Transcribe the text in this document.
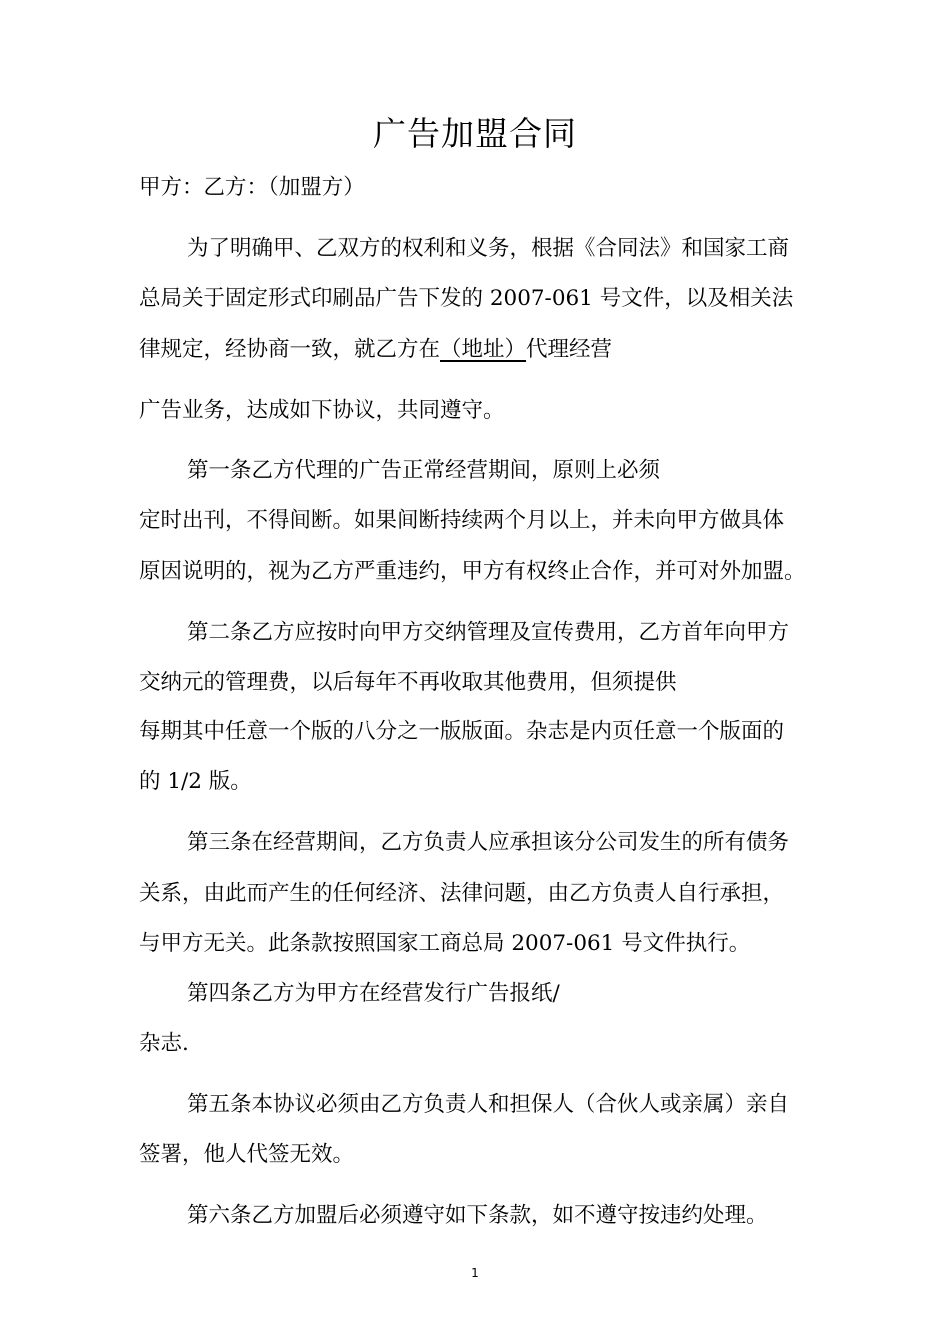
广告加盟合同
甲方：乙方：（加盟方）
为了明确甲、乙双方的权利和义务，根据《合同法》和国家工商
总局关于固定形式印刷品广告下发的 2007-061 号文件，以及相关法
律规定，经协商一致，就乙方在（地址）代理经营
广告业务，达成如下协议，共同遵守。
第一条乙方代理的广告正常经营期间，原则上必须
定时出刊，不得间断。如果间断持续两个月以上，并未向甲方做具体
原因说明的，视为乙方严重违约，甲方有权终止合作，并可对外加盟。
第二条乙方应按时向甲方交纳管理及宣传费用，乙方首年向甲方
交纳元的管理费，以后每年不再收取其他费用，但须提供
每期其中任意一个版的八分之一版版面。杂志是内页任意一个版面的
的 1/2 版。
第三条在经营期间，乙方负责人应承担该分公司发生的所有债务
关系，由此而产生的任何经济、法律问题，由乙方负责人自行承担，
与甲方无关。此条款按照国家工商总局 2007-061 号文件执行。
第四条乙方为甲方在经营发行广告报纸/
杂志.
第五条本协议必须由乙方负责人和担保人（合伙人或亲属）亲自
签署，他人代签无效。
第六条乙方加盟后必须遵守如下条款，如不遵守按违约处理。
1
